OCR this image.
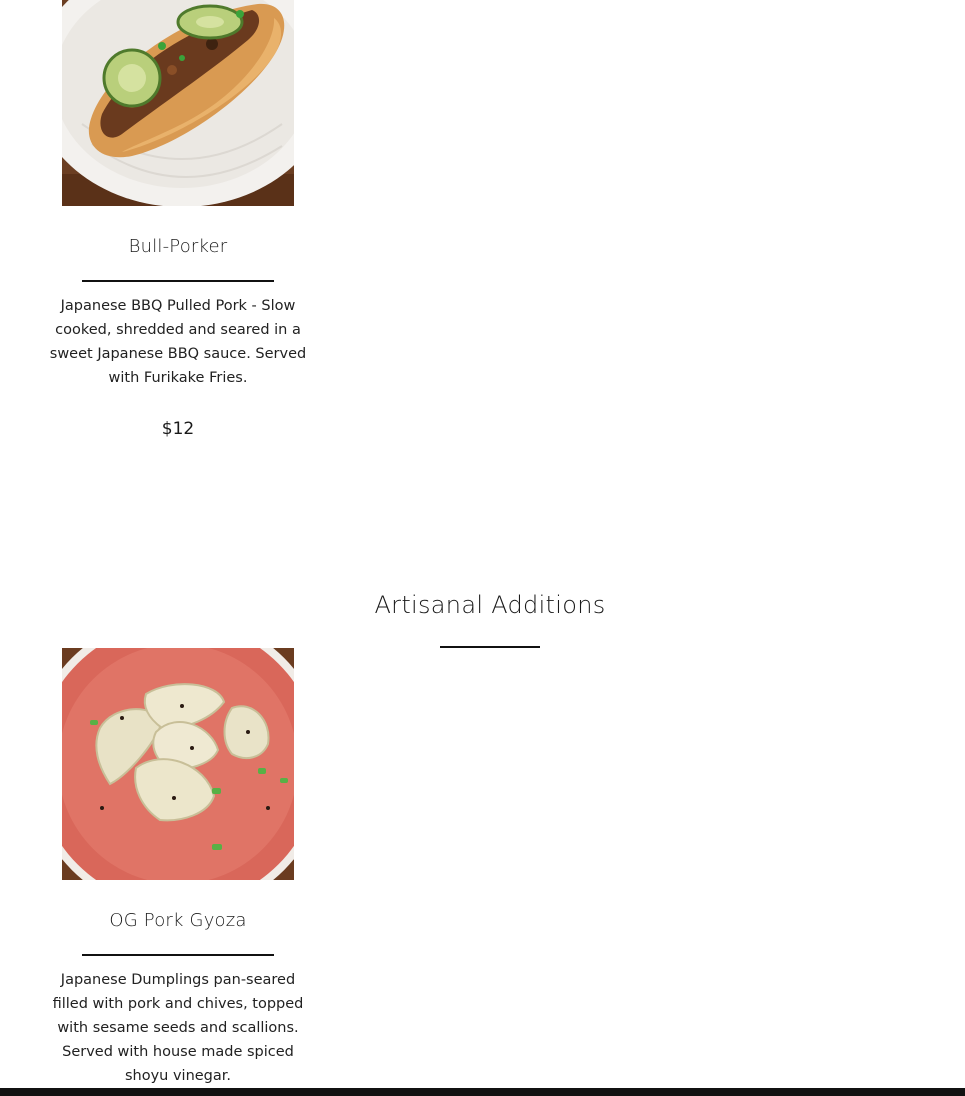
Bull-Porker
Japanese BBQ Pulled Pork - Slow cooked, shredded and seared in a sweet Japanese BBQ sauce. Served with Furikake Fries.
$12
Artisanal Additions
OG Pork Gyoza
Japanese Dumplings pan-seared filled with pork and chives, topped with sesame seeds and scallions. Served with house made spiced shoyu vinegar.
